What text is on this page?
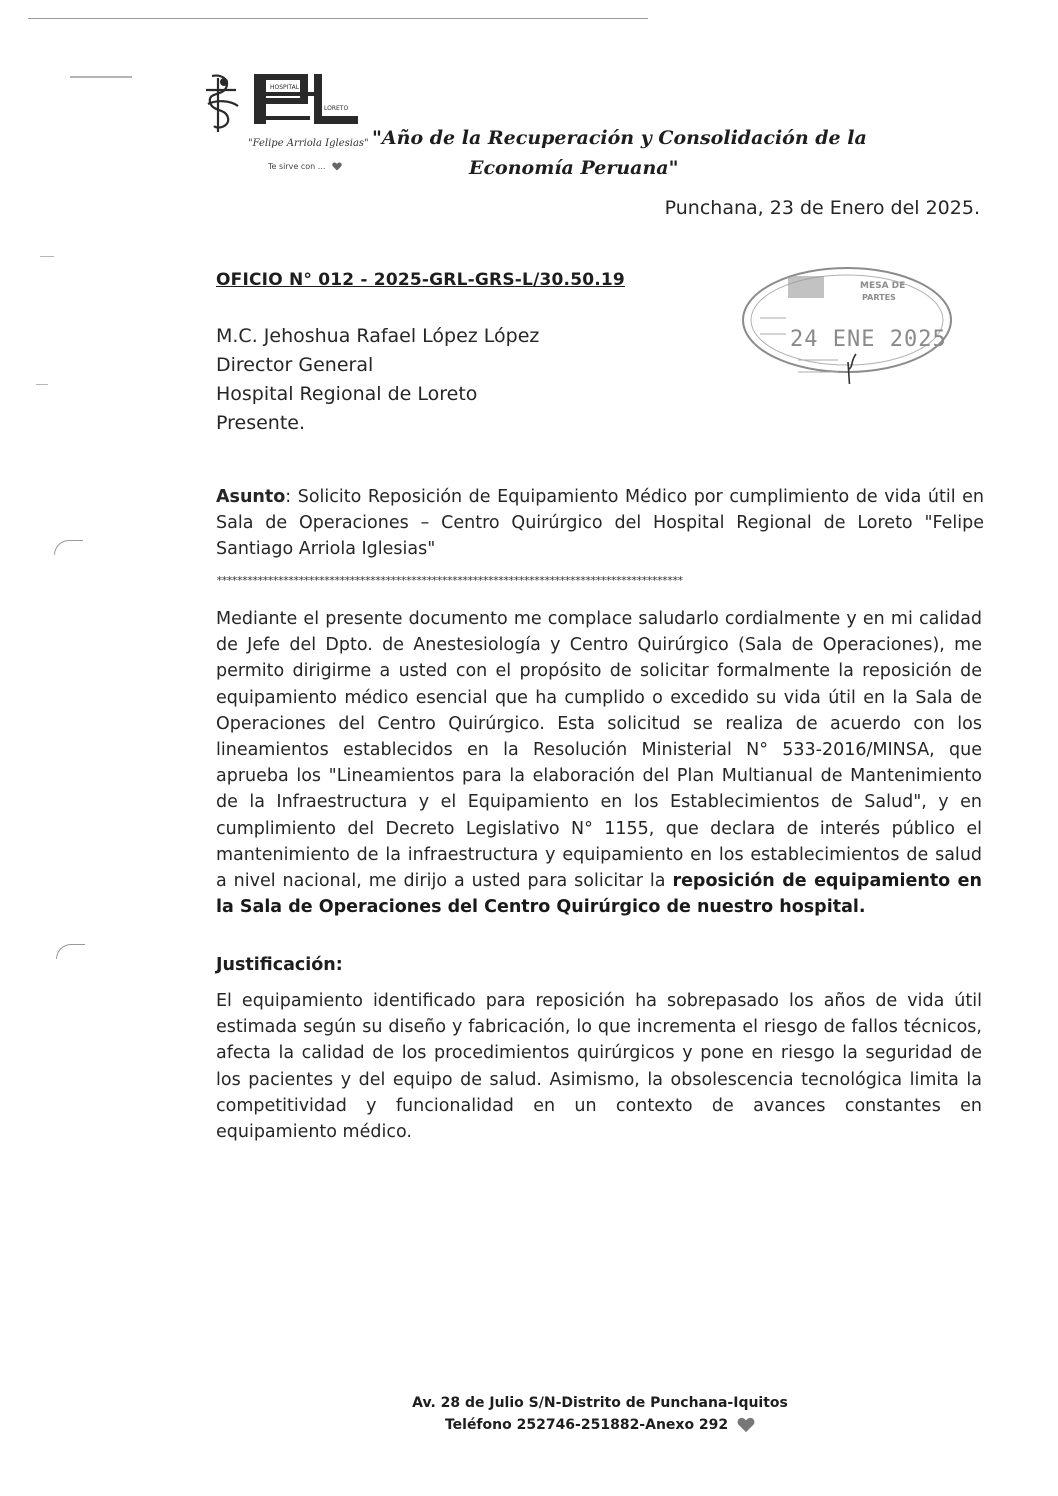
HOSPITAL
LORETO
"Felipe Arriola Iglesias"
Te sirve con ...
"Año de la Recuperación y Consolidación de la
Economía Peruana"
Punchana, 23 de Enero del 2025.
OFICIO N° 012 - 2025-GRL-GRS-L/30.50.19	MESA DE
PARTES
24 ENE 2025
M.C. Jehoshua Rafael López López
Director General
Hospital Regional de Loreto
Presente.
Asunto: Solicito Reposición de Equipamiento Médico por cumplimiento de vida útil en Sala de Operaciones – Centro Quirúrgico del Hospital Regional de Loreto "Felipe Santiago Arriola Iglesias"
*******************************************************************************************
Mediante el presente documento me complace saludarlo cordialmente y en mi calidad de Jefe del Dpto. de Anestesiología y Centro Quirúrgico (Sala de Operaciones), me permito dirigirme a usted con el propósito de solicitar formalmente la reposición de equipamiento médico esencial que ha cumplido o excedido su vida útil en la Sala de Operaciones del Centro Quirúrgico. Esta solicitud se realiza de acuerdo con los lineamientos establecidos en la Resolución Ministerial N° 533-2016/MINSA, que aprueba los "Lineamientos para la elaboración del Plan Multianual de Mantenimiento de la Infraestructura y el Equipamiento en los Establecimientos de Salud", y en cumplimiento del Decreto Legislativo N° 1155, que declara de interés público el mantenimiento de la infraestructura y equipamiento en los establecimientos de salud a nivel nacional, me dirijo a usted para solicitar la reposición de equipamiento en la Sala de Operaciones del Centro Quirúrgico de nuestro hospital.
Justificación:
El equipamiento identificado para reposición ha sobrepasado los años de vida útil estimada según su diseño y fabricación, lo que incrementa el riesgo de fallos técnicos, afecta la calidad de los procedimientos quirúrgicos y pone en riesgo la seguridad de los pacientes y del equipo de salud. Asimismo, la obsolescencia tecnológica limita la competitividad y funcionalidad en un contexto de avances constantes en equipamiento médico.
Av. 28 de Julio S/N-Distrito de Punchana-Iquitos
Teléfono 252746-251882-Anexo 292
